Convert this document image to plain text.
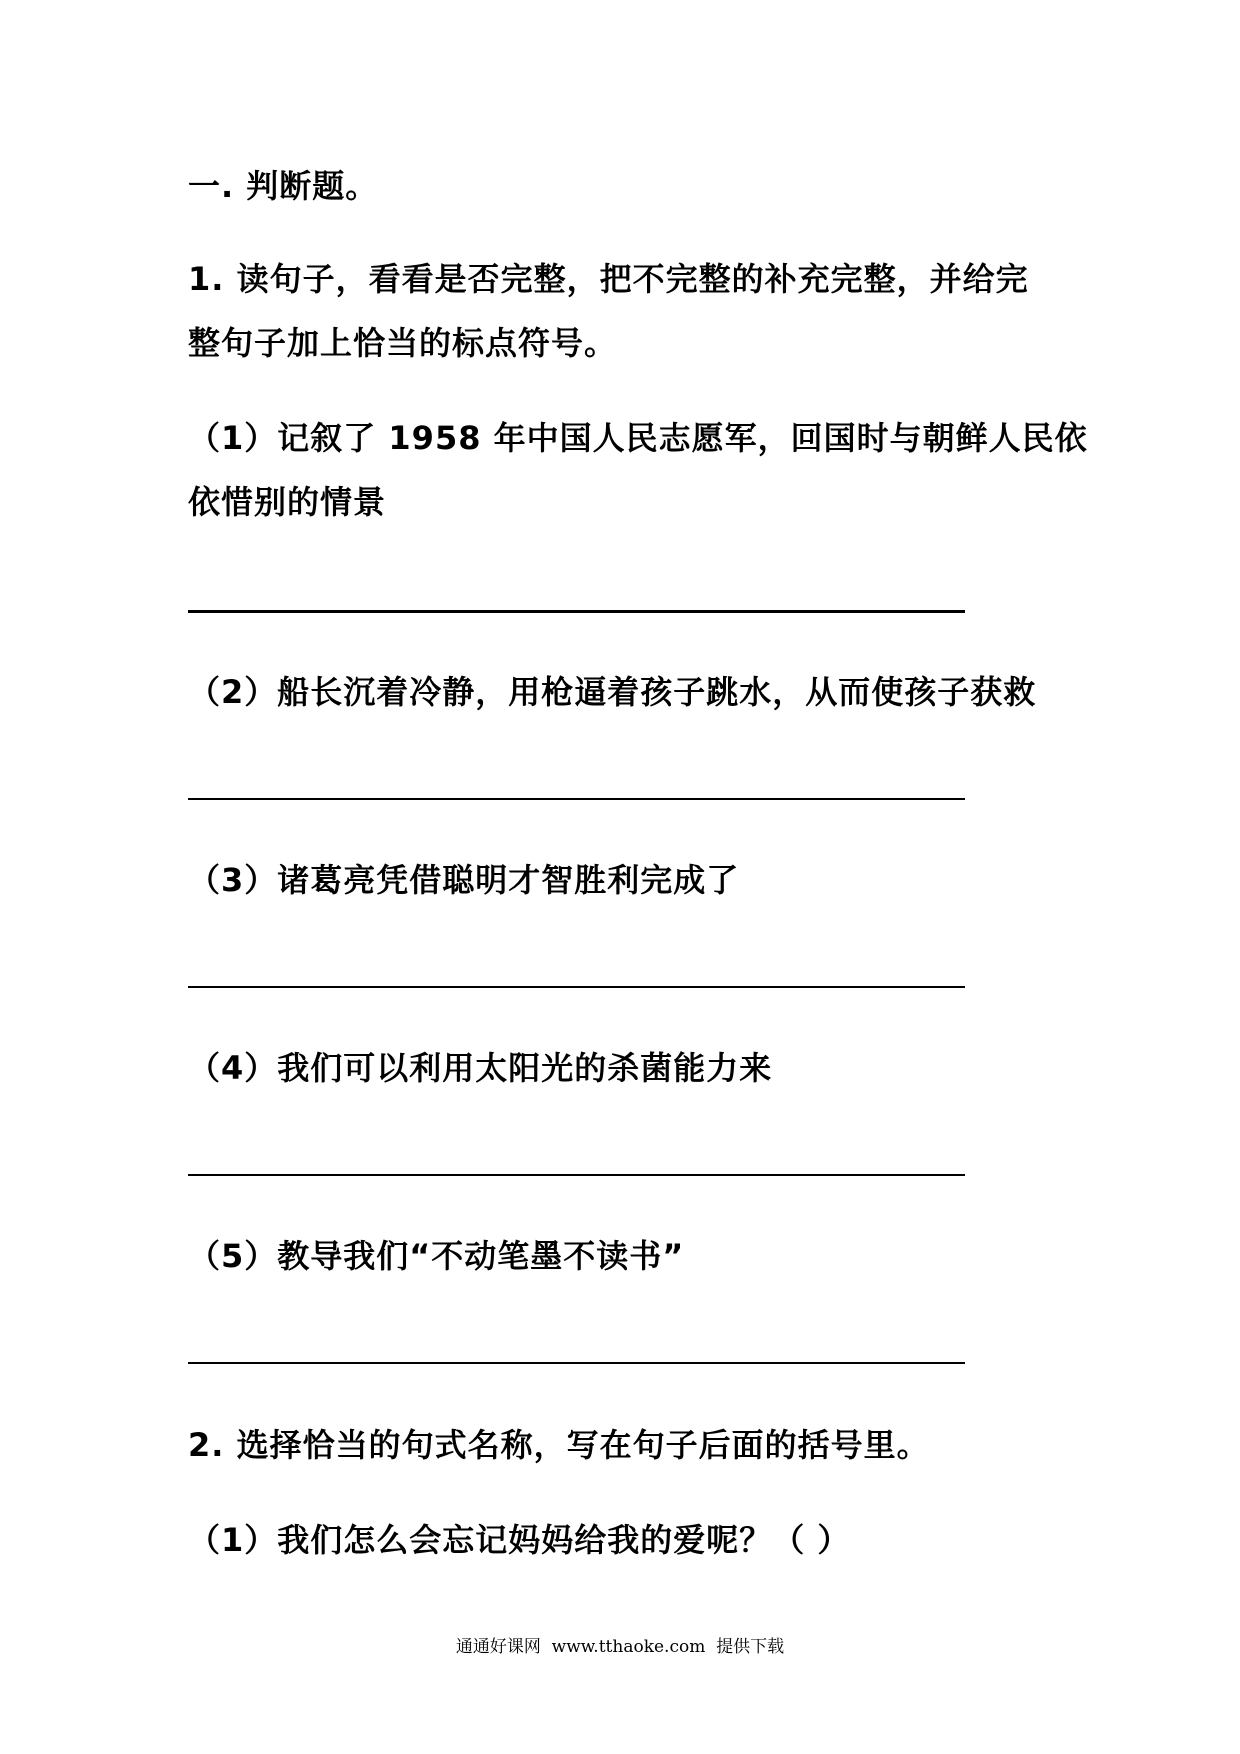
一. 判断题。
1. 读句子，看看是否完整，把不完整的补充完整，并给完
整句子加上恰当的标点符号。
（1）记叙了 1958 年中国人民志愿军，回国时与朝鲜人民依
依惜别的情景
（2）船长沉着冷静，用枪逼着孩子跳水，从而使孩子获救
（3）诸葛亮凭借聪明才智胜利完成了
（4）我们可以利用太阳光的杀菌能力来
（5）教导我们“不动笔墨不读书”
2. 选择恰当的句式名称，写在句子后面的括号里。
（1）我们怎么会忘记妈妈给我的爱呢？（ ）
通通好课网  www.tthaoke.com  提供下载
